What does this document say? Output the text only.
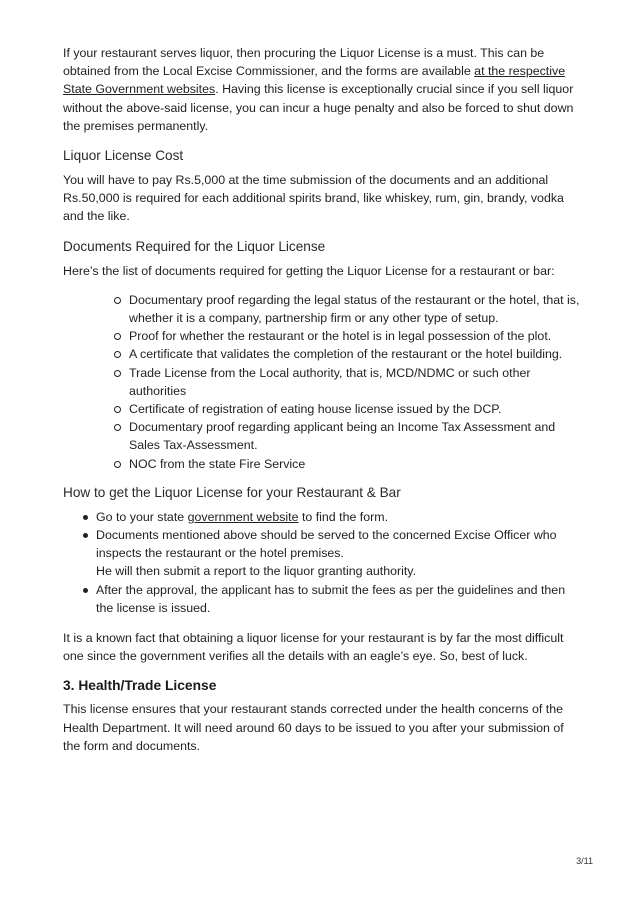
If your restaurant serves liquor, then procuring the Liquor License is a must. This can be obtained from the Local Excise Commissioner, and the forms are available at the respective State Government websites. Having this license is exceptionally crucial since if you sell liquor without the above-said license, you can incur a huge penalty and also be forced to shut down the premises permanently.

Liquor License Cost

You will have to pay Rs.5,000 at the time submission of the documents and an additional Rs.50,000 is required for each additional spirits brand, like whiskey, rum, gin, brandy, vodka and the like.

Documents Required for the Liquor License

Here’s the list of documents required for getting the Liquor License for a restaurant or bar:

Documentary proof regarding the legal status of the restaurant or the hotel, that is, whether it is a company, partnership firm or any other type of setup.
Proof for whether the restaurant or the hotel is in legal possession of the plot.
A certificate that validates the completion of the restaurant or the hotel building.
Trade License from the Local authority, that is, MCD/NDMC or such other authorities
Certificate of registration of eating house license issued by the DCP.
Documentary proof regarding applicant being an Income Tax Assessment and Sales Tax-Assessment.
NOC from the state Fire Service
How to get the Liquor License for your Restaurant & Bar
Go to your state government website to find the form.
Documents mentioned above should be served to the concerned Excise Officer who inspects the restaurant or the hotel premises.
He will then submit a report to the liquor granting authority.
After the approval, the applicant has to submit the fees as per the guidelines and then the license is issued.

It is a known fact that obtaining a liquor license for your restaurant is by far the most difficult one since the government verifies all the details with an eagle’s eye. So, best of luck.

3. Health/Trade License

This license ensures that your restaurant stands corrected under the health concerns of the Health Department. It will need around 60 days to be issued to you after your submission of the form and documents.

3/11
